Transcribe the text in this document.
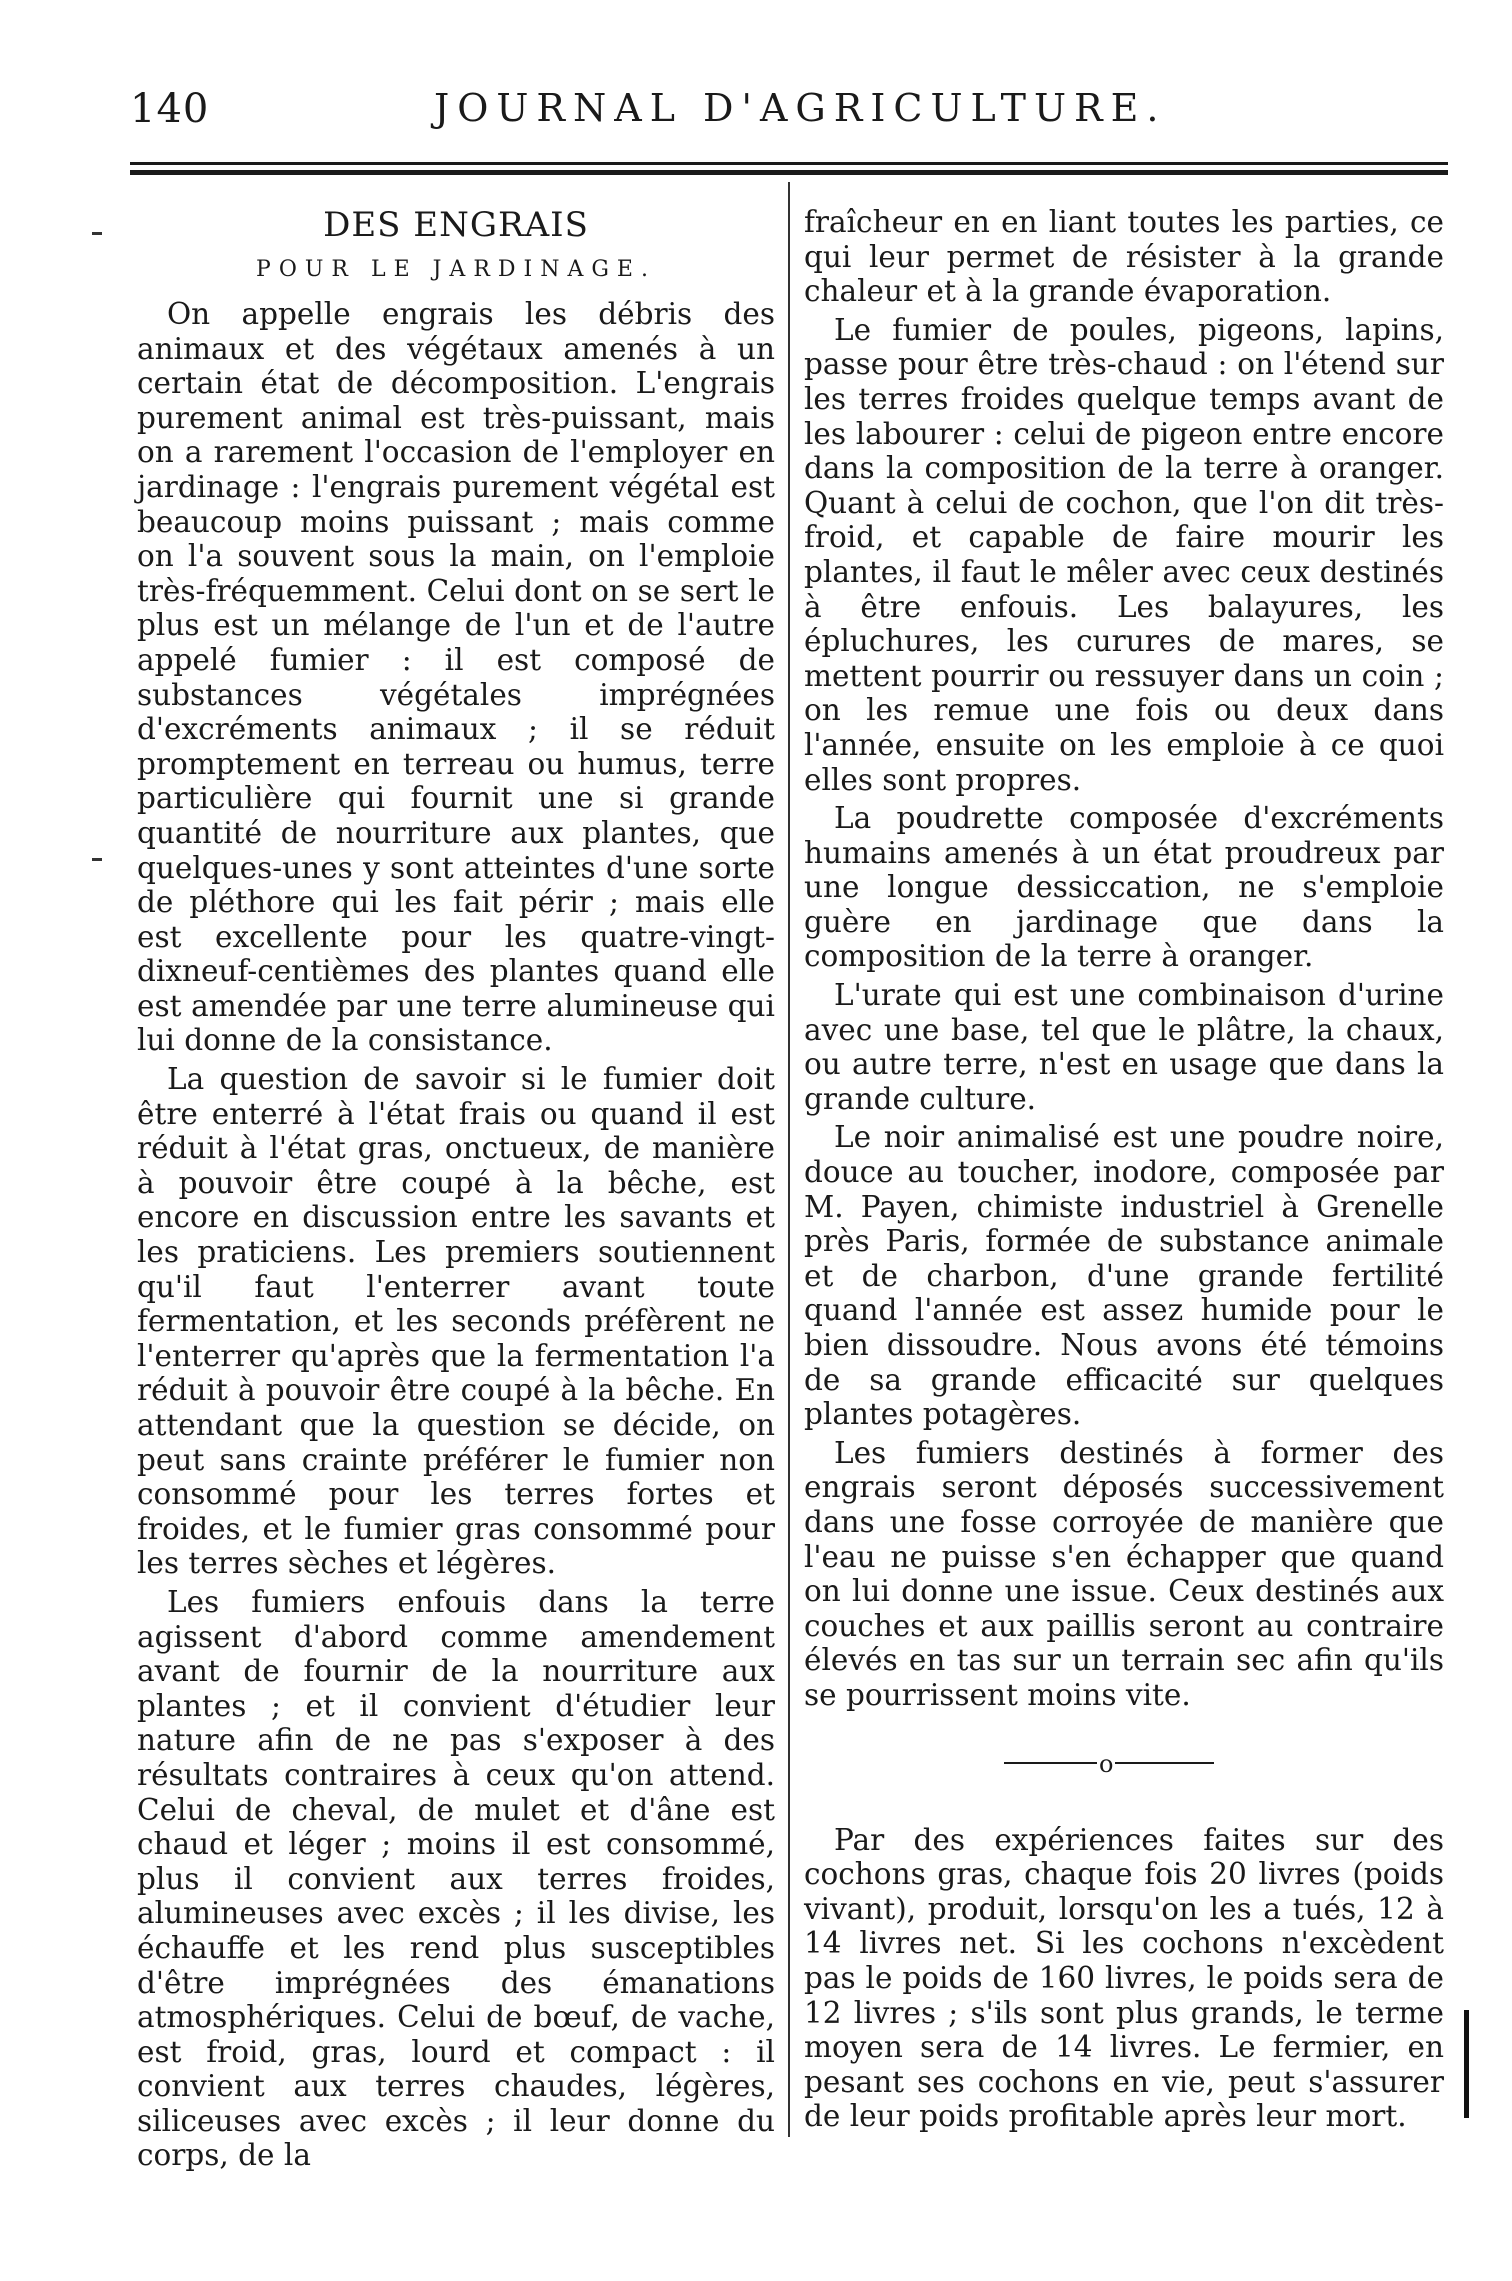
140	JOURNAL D'AGRICULTURE.
DES ENGRAIS
POUR LE JARDINAGE.

On appelle engrais les débris des animaux et des végétaux amenés à un certain état de décomposition. L'engrais purement animal est très-puissant, mais on a rarement l'occasion de l'employer en jardinage : l'engrais purement végétal est beaucoup moins puissant ; mais comme on l'a souvent sous la main, on l'emploie très-fréquemment. Celui dont on se sert le plus est un mélange de l'un et de l'autre appelé fumier : il est composé de substances végétales imprégnées d'excréments animaux ; il se réduit promptement en terreau ou humus, terre particulière qui fournit une si grande quantité de nourriture aux plantes, que quelques-unes y sont atteintes d'une sorte de pléthore qui les fait périr ; mais elle est excellente pour les quatre-vingt-dixneuf-centièmes des plantes quand elle est amendée par une terre alumineuse qui lui donne de la consistance.

La question de savoir si le fumier doit être enterré à l'état frais ou quand il est réduit à l'état gras, onctueux, de manière à pouvoir être coupé à la bêche, est encore en discussion entre les savants et les praticiens. Les premiers soutiennent qu'il faut l'enterrer avant toute fermentation, et les seconds préfèrent ne l'enterrer qu'après que la fermentation l'a réduit à pouvoir être coupé à la bêche. En attendant que la question se décide, on peut sans crainte préférer le fumier non consommé pour les terres fortes et froides, et le fumier gras consommé pour les terres sèches et légères.

Les fumiers enfouis dans la terre agissent d'abord comme amendement avant de fournir de la nourriture aux plantes ; et il convient d'étudier leur nature afin de ne pas s'exposer à des résultats contraires à ceux qu'on attend. Celui de cheval, de mulet et d'âne est chaud et léger ; moins il est consommé, plus il convient aux terres froides, alumineuses avec excès ; il les divise, les échauffe et les rend plus susceptibles d'être imprégnées des émanations atmosphériques. Celui de bœuf, de vache, est froid, gras, lourd et compact : il convient aux terres chaudes, légères, siliceuses avec excès ; il leur donne du corps, de la

fraîcheur en en liant toutes les parties, ce qui leur permet de résister à la grande chaleur et à la grande évaporation.

Le fumier de poules, pigeons, lapins, passe pour être très-chaud : on l'étend sur les terres froides quelque temps avant de les labourer : celui de pigeon entre encore dans la composition de la terre à oranger. Quant à celui de cochon, que l'on dit très-froid, et capable de faire mourir les plantes, il faut le mêler avec ceux destinés à être enfouis. Les balayures, les épluchures, les curures de mares, se mettent pourrir ou ressuyer dans un coin ; on les remue une fois ou deux dans l'année, ensuite on les emploie à ce quoi elles sont propres.

La poudrette composée d'excréments humains amenés à un état proudreux par une longue dessiccation, ne s'emploie guère en jardinage que dans la composition de la terre à oranger.

L'urate qui est une combinaison d'urine avec une base, tel que le plâtre, la chaux, ou autre terre, n'est en usage que dans la grande culture.

Le noir animalisé est une poudre noire, douce au toucher, inodore, composée par M. Payen, chimiste industriel à Grenelle près Paris, formée de substance animale et de charbon, d'une grande fertilité quand l'année est assez humide pour le bien dissoudre. Nous avons été témoins de sa grande efficacité sur quelques plantes potagères.

Les fumiers destinés à former des engrais seront déposés successivement dans une fosse corroyée de manière que l'eau ne puisse s'en échapper que quand on lui donne une issue. Ceux destinés aux couches et aux paillis seront au contraire élevés en tas sur un terrain sec afin qu'ils se pourrissent moins vite.

o

Par des expériences faites sur des cochons gras, chaque fois 20 livres (poids vivant), produit, lorsqu'on les a tués, 12 à 14 livres net. Si les cochons n'excèdent pas le poids de 160 livres, le poids sera de 12 livres ; s'ils sont plus grands, le terme moyen sera de 14 livres. Le fermier, en pesant ses cochons en vie, peut s'assurer de leur poids profitable après leur mort.
